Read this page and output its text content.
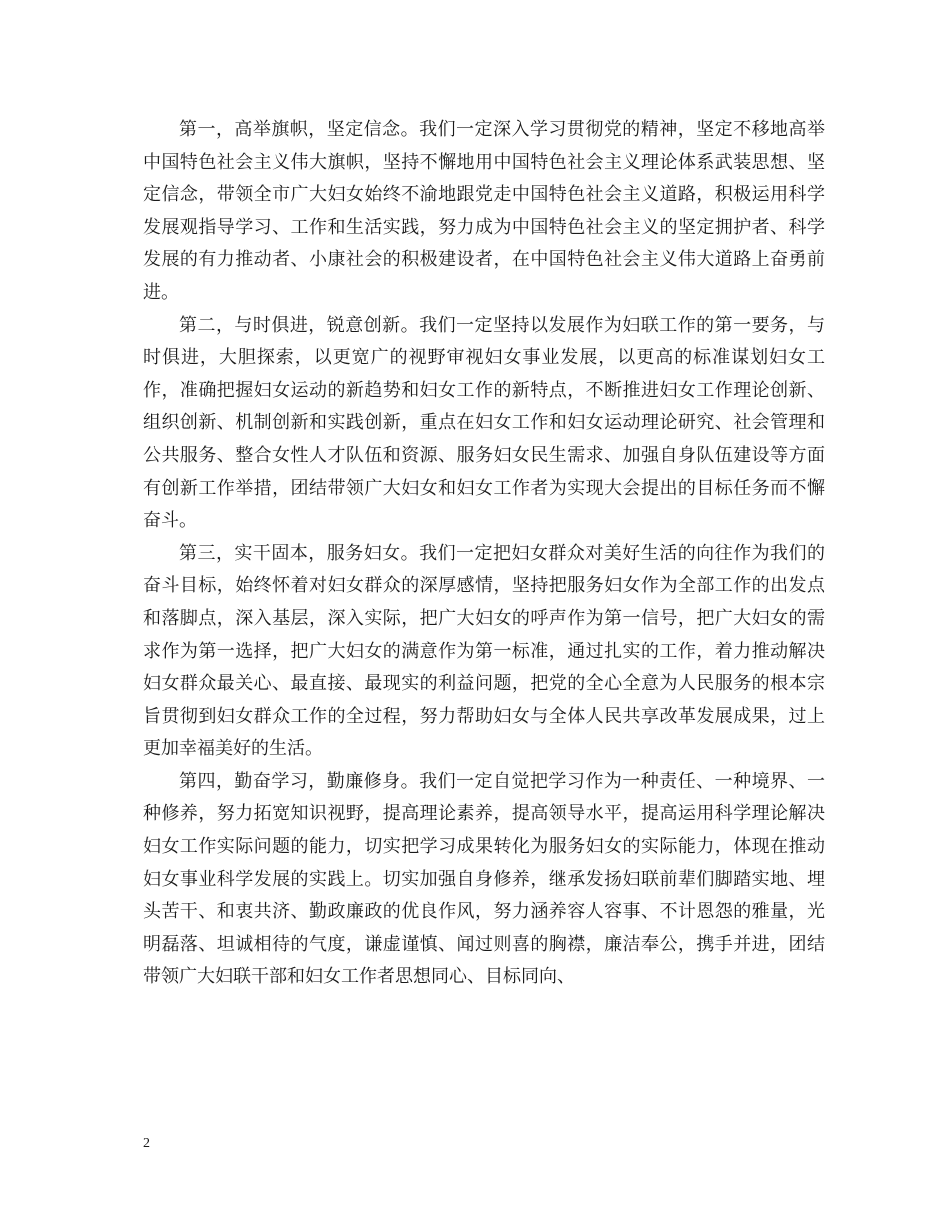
第一，高举旗帜，坚定信念。我们一定深入学习贯彻党的精神，坚定不移地高举中国特色社会主义伟大旗帜，坚持不懈地用中国特色社会主义理论体系武装思想、坚定信念，带领全市广大妇女始终不渝地跟党走中国特色社会主义道路，积极运用科学发展观指导学习、工作和生活实践，努力成为中国特色社会主义的坚定拥护者、科学发展的有力推动者、小康社会的积极建设者，在中国特色社会主义伟大道路上奋勇前进。

第二，与时俱进，锐意创新。我们一定坚持以发展作为妇联工作的第一要务，与时俱进，大胆探索，以更宽广的视野审视妇女事业发展，以更高的标准谋划妇女工作，准确把握妇女运动的新趋势和妇女工作的新特点，不断推进妇女工作理论创新、组织创新、机制创新和实践创新，重点在妇女工作和妇女运动理论研究、社会管理和公共服务、整合女性人才队伍和资源、服务妇女民生需求、加强自身队伍建设等方面有创新工作举措，团结带领广大妇女和妇女工作者为实现大会提出的目标任务而不懈奋斗。

第三，实干固本，服务妇女。我们一定把妇女群众对美好生活的向往作为我们的奋斗目标，始终怀着对妇女群众的深厚感情，坚持把服务妇女作为全部工作的出发点和落脚点，深入基层，深入实际，把广大妇女的呼声作为第一信号，把广大妇女的需求作为第一选择，把广大妇女的满意作为第一标准，通过扎实的工作，着力推动解决妇女群众最关心、最直接、最现实的利益问题，把党的全心全意为人民服务的根本宗旨贯彻到妇女群众工作的全过程，努力帮助妇女与全体人民共享改革发展成果，过上更加幸福美好的生活。

第四，勤奋学习，勤廉修身。我们一定自觉把学习作为一种责任、一种境界、一种修养，努力拓宽知识视野，提高理论素养，提高领导水平，提高运用科学理论解决妇女工作实际问题的能力，切实把学习成果转化为服务妇女的实际能力，体现在推动妇女事业科学发展的实践上。切实加强自身修养，继承发扬妇联前辈们脚踏实地、埋头苦干、和衷共济、勤政廉政的优良作风，努力涵养容人容事、不计恩怨的雅量，光明磊落、坦诚相待的气度，谦虚谨慎、闻过则喜的胸襟，廉洁奉公，携手并进，团结带领广大妇联干部和妇女工作者思想同心、目标同向、

2
